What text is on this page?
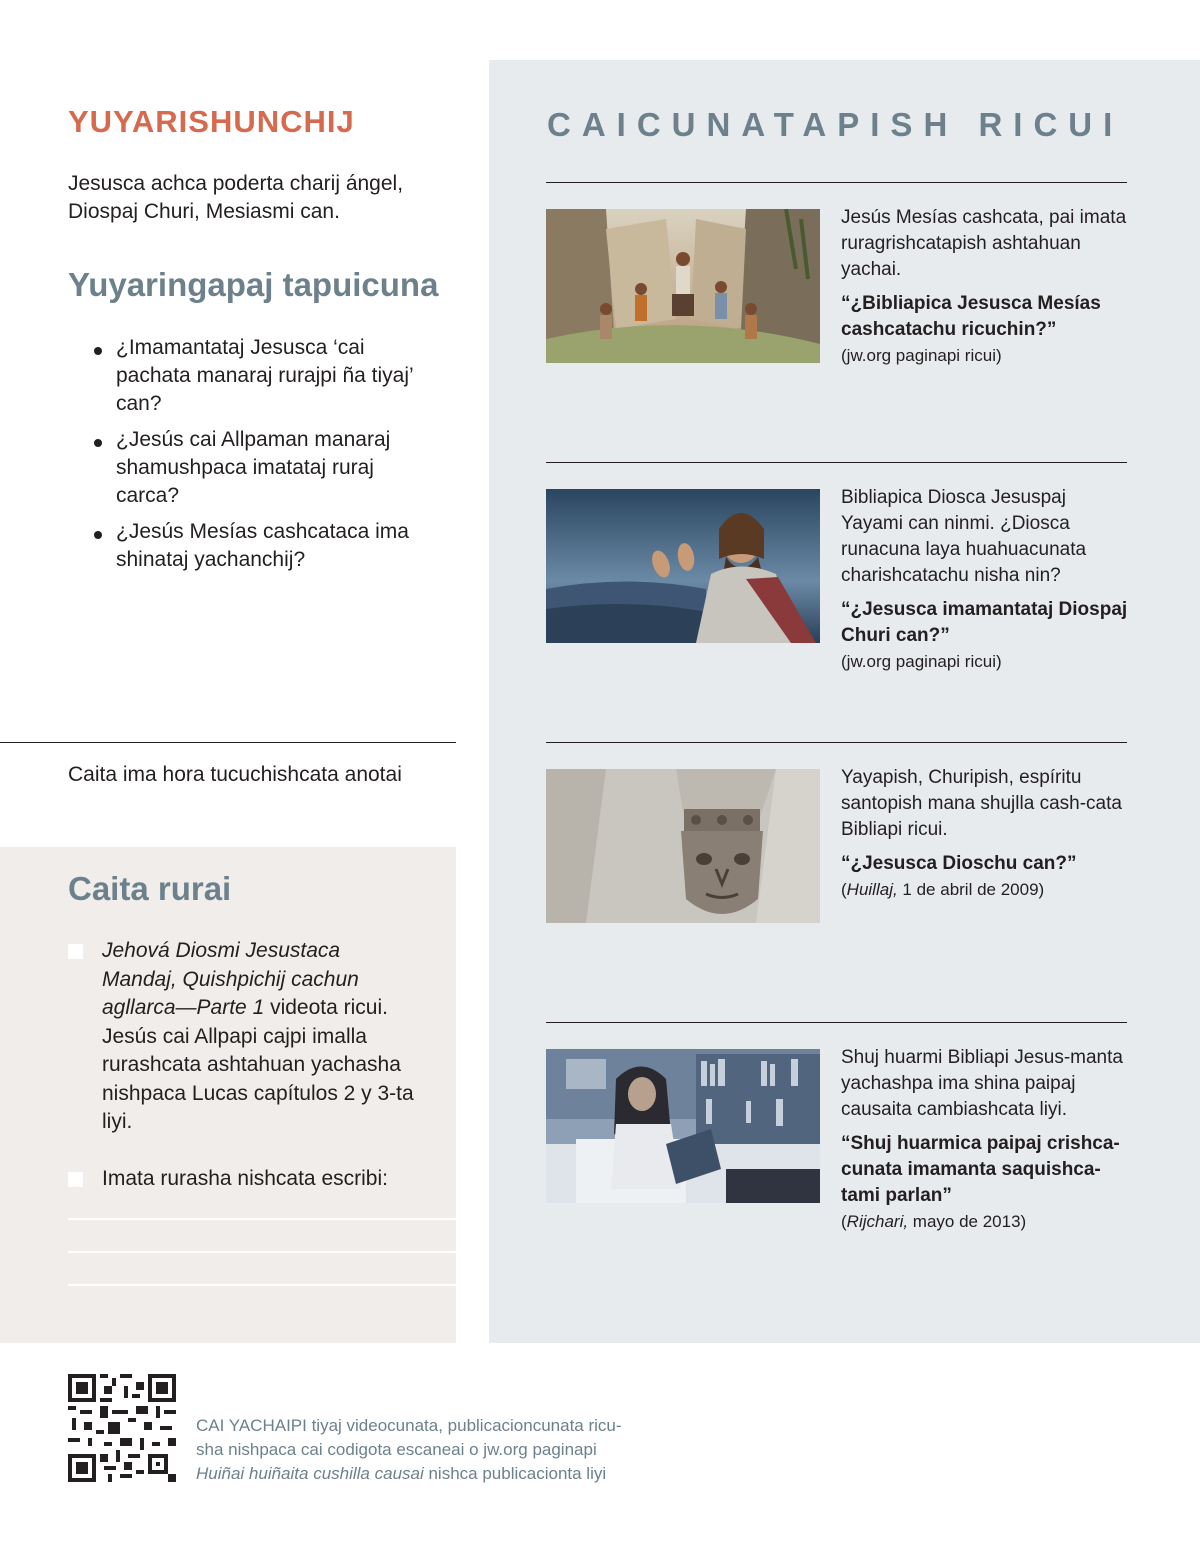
YUYARISHUNCHIJ
Jesusca achca poderta charij ángel, Diospaj Churi, Mesiasmi can.
Yuyaringapaj tapuicuna
¿Imamantataj Jesusca ‘cai pachata manaraj rurajpi ña tiyaj’ can?
¿Jesús cai Allpaman manaraj shamushpaca imatataj ruraj carca?
¿Jesús Mesías cashcataca ima shinataj yachanchij?
Caita ima hora tucuchishcata anotai
Caita rurai
Jehová Diosmi Jesustaca Mandaj, Quishpichij cachun agllarca—Parte 1 videota ricui. Jesús cai Allpapi cajpi imalla rurashcata ashtahuan yachasha nishpaca Lucas capítulos 2 y 3-ta liyi.
Imata rurasha nishcata escribi:
CAICUNATAPISH RICUI
Jesús Mesías cashcata, pai imata ruragrishcatapish ashtahuan yachai.
“¿Bibliapica Jesusca Mesías cashcatachu ricuchin?”
(jw.org paginapi ricui)
Bibliapica Diosca Jesuspaj Yayami can ninmi. ¿Diosca runacuna laya huahuacunata charishcatachu nisha nin?
“¿Jesusca imamantataj Diospaj Churi can?”
(jw.org paginapi ricui)
Yayapish, Churipish, espíritu santopish mana shujlla cash-cata Bibliapi ricui.
“¿Jesusca Dioschu can?”
(Huillaj, 1 de abril de 2009)
Shuj huarmi Bibliapi Jesus-manta yachashpa ima shina paipaj causaita cambiashcata liyi.
“Shuj huarmica paipaj crishca-cunata imamanta saquishca-tami parlan”
(Rijchari, mayo de 2013)
CAI YACHAIPI tiyaj videocunata, publicacioncunata ricu-
sha nishpaca cai codigota escaneai o jw.org paginapi
Huiñai huiñaita cushilla causai nishca publicacionta liyi
